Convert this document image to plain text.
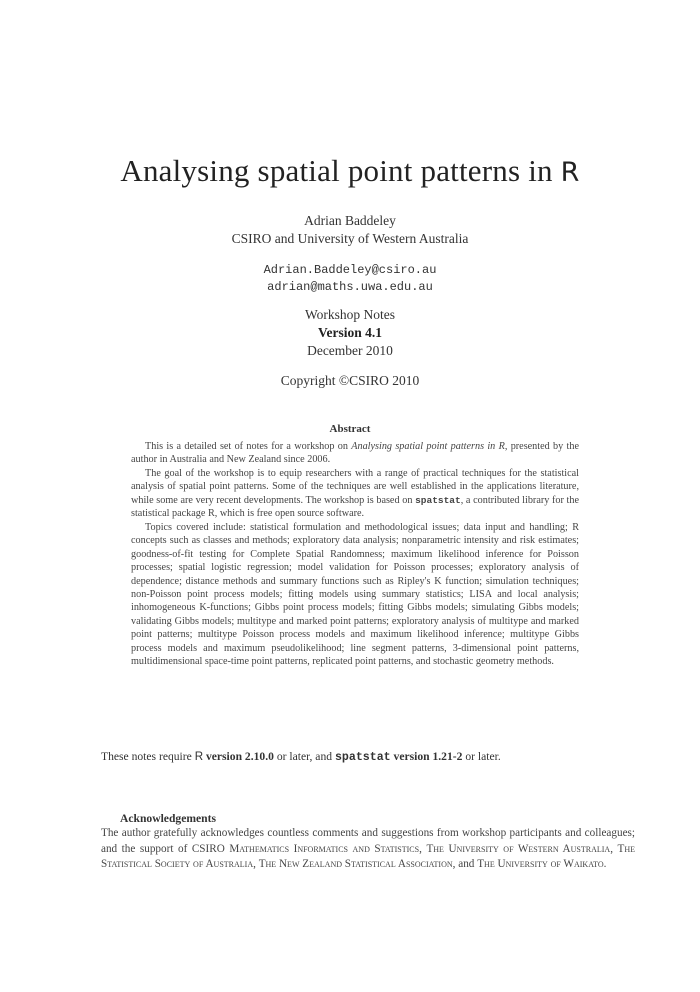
Analysing spatial point patterns in R
Adrian Baddeley
CSIRO and University of Western Australia
Adrian.Baddeley@csiro.au
adrian@maths.uwa.edu.au
Workshop Notes
Version 4.1
December 2010
Copyright ©CSIRO 2010
Abstract

This is a detailed set of notes for a workshop on Analysing spatial point patterns in R, presented by the author in Australia and New Zealand since 2006.

The goal of the workshop is to equip researchers with a range of practical techniques for the statistical analysis of spatial point patterns. Some of the techniques are well established in the applications literature, while some are very recent developments. The workshop is based on spatstat, a contributed library for the statistical package R, which is free open source software.

Topics covered include: statistical formulation and methodological issues; data input and handling; R concepts such as classes and methods; exploratory data analysis; nonparametric intensity and risk estimates; goodness-of-fit testing for Complete Spatial Randomness; maximum likelihood inference for Poisson processes; spatial logistic regression; model validation for Poisson processes; exploratory analysis of dependence; distance methods and summary functions such as Ripley's K function; simulation techniques; non-Poisson point process models; fitting models using summary statistics; LISA and local analysis; inhomogeneous K-functions; Gibbs point process models; fitting Gibbs models; simulating Gibbs models; validating Gibbs models; multitype and marked point patterns; exploratory analysis of multitype and marked point patterns; multitype Poisson process models and maximum likelihood inference; multitype Gibbs process models and maximum pseudolikelihood; line segment patterns, 3-dimensional point patterns, multidimensional space-time point patterns, replicated point patterns, and stochastic geometry methods.

These notes require R version 2.10.0 or later, and spatstat version 1.21-2 or later.
Acknowledgements
The author gratefully acknowledges countless comments and suggestions from workshop participants and colleagues; and the support of CSIRO Mathematics Informatics and Statistics, The University of Western Australia, The Statistical Society of Australia, The New Zealand Statistical Association, and The University of Waikato.
